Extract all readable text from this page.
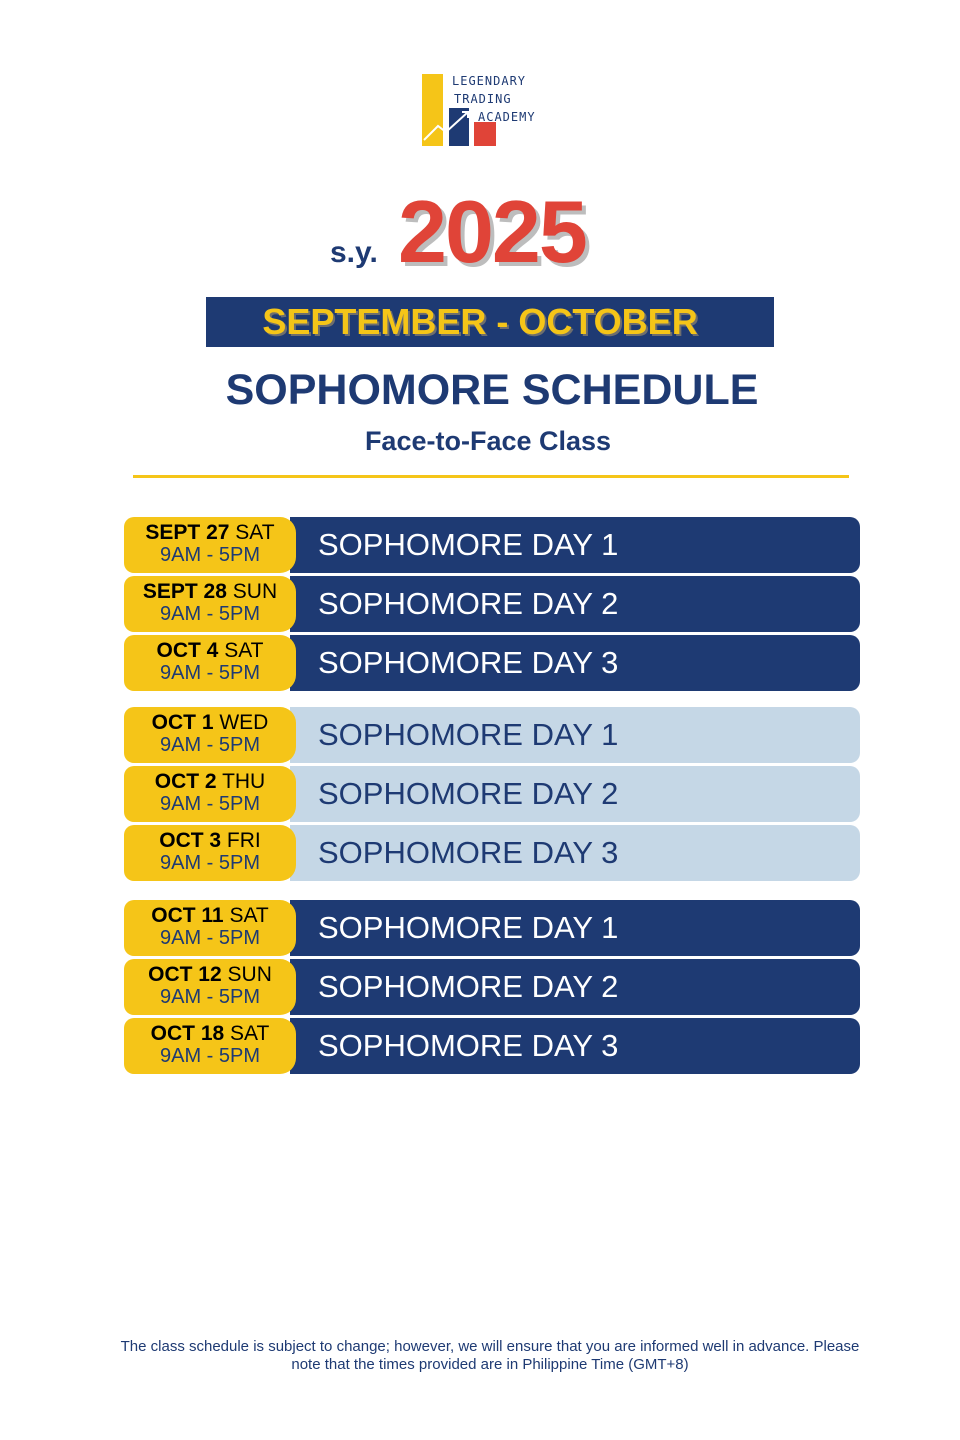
LEGENDARY
TRADING
ACADEMY
s.y. 2025
SEPTEMBER - OCTOBER
SOPHOMORE SCHEDULE
Face-to-Face Class
SOPHOMORE DAY 1
SEPT 27 SAT
9AM - 5PM
SOPHOMORE DAY 2
SEPT 28 SUN
9AM - 5PM
SOPHOMORE DAY 3
OCT 4 SAT
9AM - 5PM
SOPHOMORE DAY 1
OCT 1 WED
9AM - 5PM
SOPHOMORE DAY 2
OCT 2 THU
9AM - 5PM
SOPHOMORE DAY 3
OCT 3 FRI
9AM - 5PM
SOPHOMORE DAY 1
OCT 11 SAT
9AM - 5PM
SOPHOMORE DAY 2
OCT 12 SUN
9AM - 5PM
SOPHOMORE DAY 3
OCT 18 SAT
9AM - 5PM
The class schedule is subject to change; however, we will ensure that you are informed well in advance. Please note that the times provided are in Philippine Time (GMT+8)
